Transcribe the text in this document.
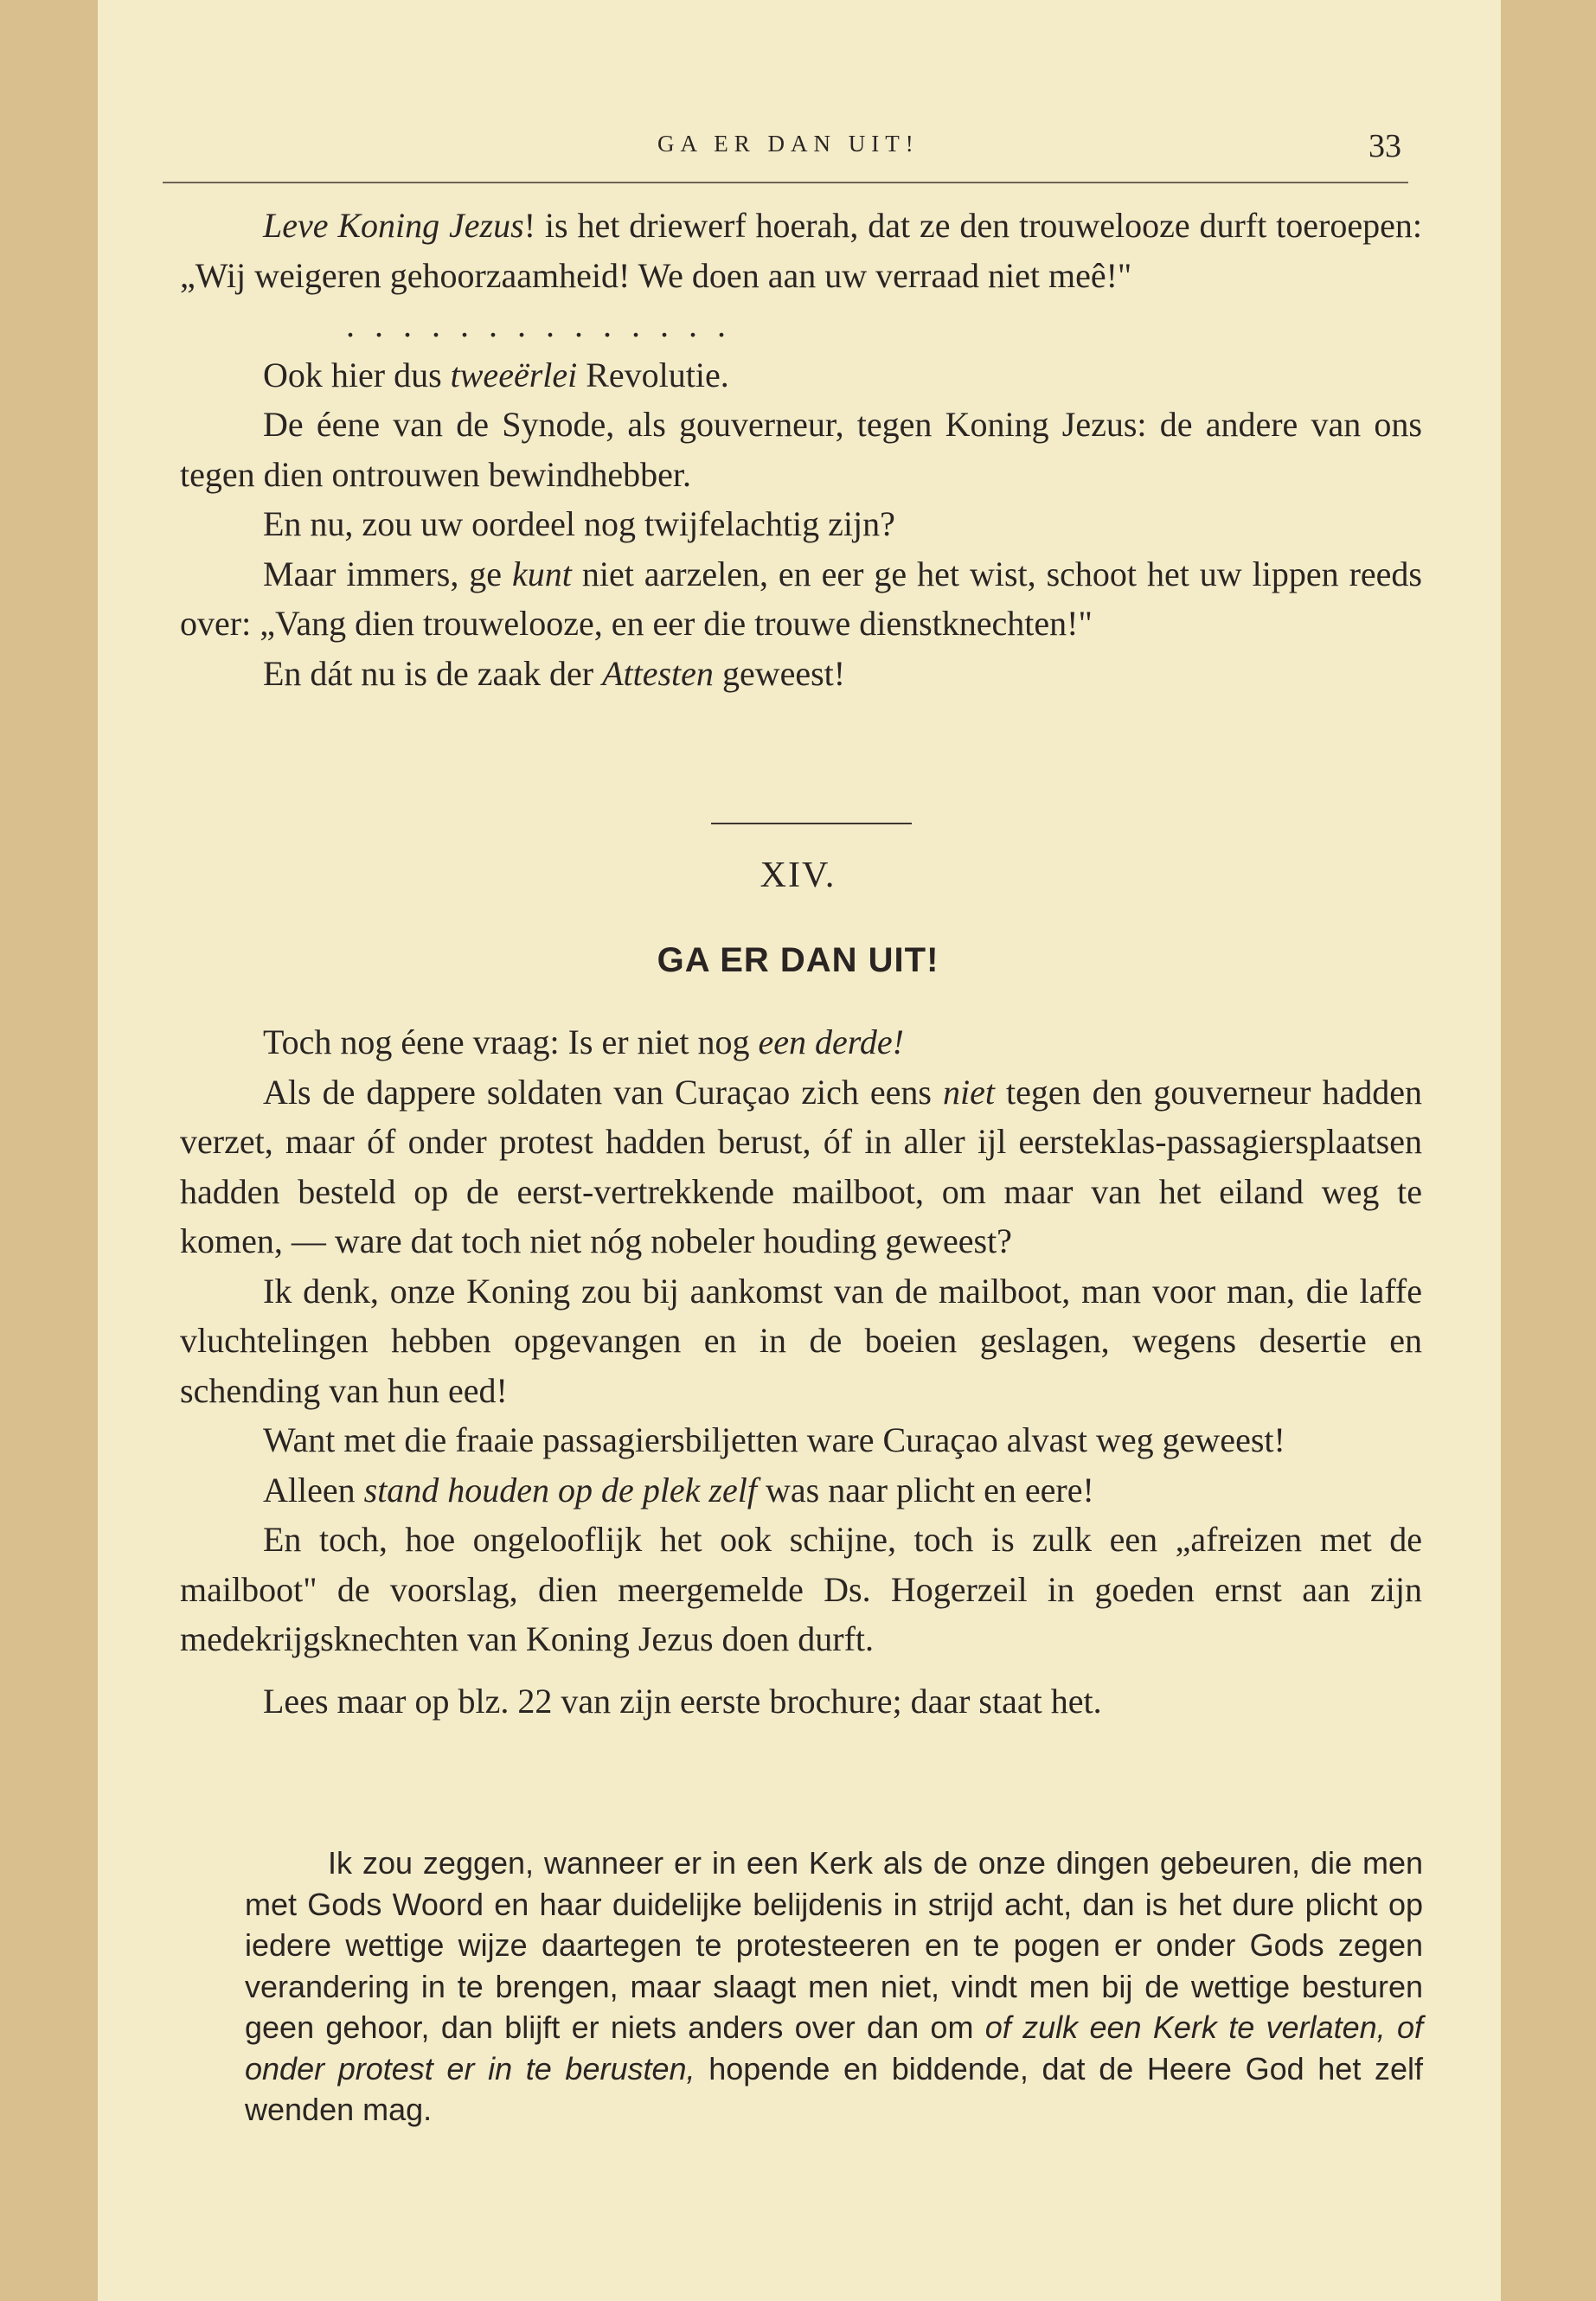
GA ER DAN UIT!	33

Leve Koning Jezus! is het driewerf hoerah, dat ze den trouwelooze durft toeroepen: „Wij weigeren gehoorzaamheid! We doen aan uw verraad niet meê!"

..............

Ook hier dus tweeërlei Revolutie.

De éene van de Synode, als gouverneur, tegen Koning Jezus: de andere van ons tegen dien ontrouwen bewindhebber.

En nu, zou uw oordeel nog twijfelachtig zijn?

Maar immers, ge kunt niet aarzelen, en eer ge het wist, schoot het uw lippen reeds over: „Vang dien trouwelooze, en eer die trouwe dienstknechten!"

En dát nu is de zaak der Attesten geweest!

XIV.
GA ER DAN UIT!

Toch nog éene vraag: Is er niet nog een derde!

Als de dappere soldaten van Curaçao zich eens niet tegen den gouverneur hadden verzet, maar óf onder protest hadden berust, óf in aller ijl eersteklas-passagiersplaatsen hadden besteld op de eerst-vertrekkende mailboot, om maar van het eiland weg te komen, — ware dat toch niet nóg nobeler houding geweest?

Ik denk, onze Koning zou bij aankomst van de mailboot, man voor man, die laffe vluchtelingen hebben opgevangen en in de boeien geslagen, wegens desertie en schending van hun eed!

Want met die fraaie passagiersbiljetten ware Curaçao alvast weg geweest!

Alleen stand houden op de plek zelf was naar plicht en eere!

En toch, hoe ongelooflijk het ook schijne, toch is zulk een „afreizen met de mailboot" de voorslag, dien meergemelde Ds. Hogerzeil in goeden ernst aan zijn medekrijgsknechten van Koning Jezus doen durft.

Lees maar op blz. 22 van zijn eerste brochure; daar staat het.

Ik zou zeggen, wanneer er in een Kerk als de onze dingen gebeuren, die men met Gods Woord en haar duidelijke belijdenis in strijd acht, dan is het dure plicht op iedere wettige wijze daartegen te protesteeren en te pogen er onder Gods zegen verandering in te brengen, maar slaagt men niet, vindt men bij de wettige besturen geen gehoor, dan blijft er niets anders over dan om of zulk een Kerk te verlaten, of onder protest er in te berusten, hopende en biddende, dat de Heere God het zelf wenden mag.
